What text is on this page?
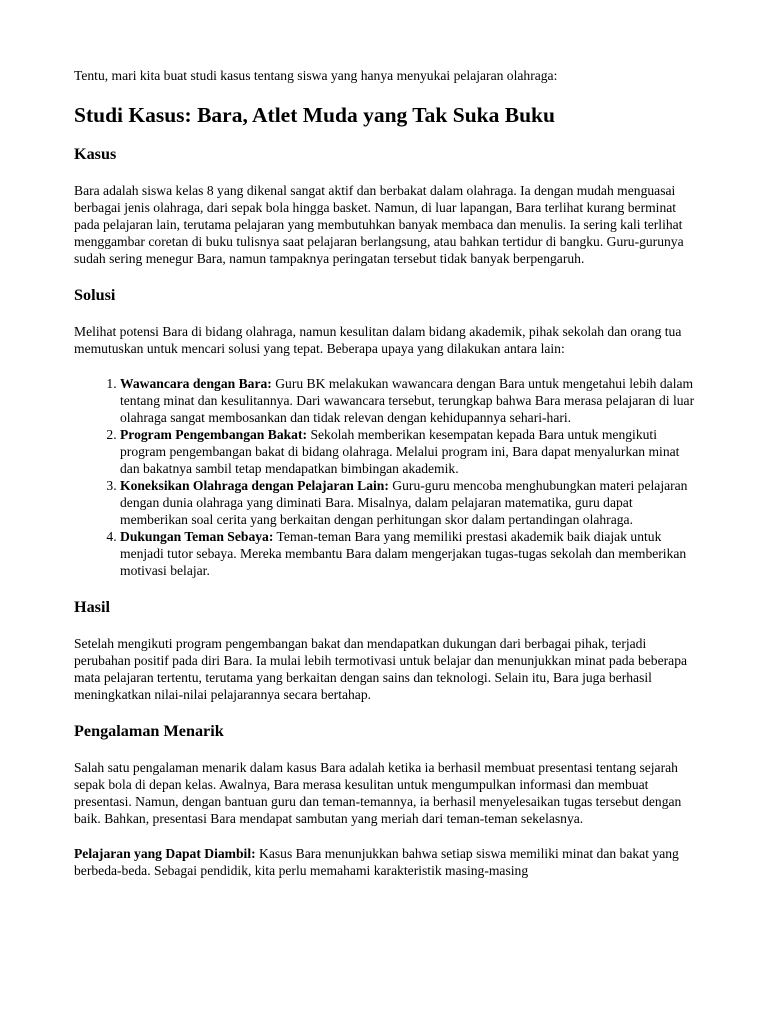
Tentu, mari kita buat studi kasus tentang siswa yang hanya menyukai pelajaran olahraga:

Studi Kasus: Bara, Atlet Muda yang Tak Suka Buku
Kasus

Bara adalah siswa kelas 8 yang dikenal sangat aktif dan berbakat dalam olahraga. Ia dengan mudah menguasai berbagai jenis olahraga, dari sepak bola hingga basket. Namun, di luar lapangan, Bara terlihat kurang berminat pada pelajaran lain, terutama pelajaran yang membutuhkan banyak membaca dan menulis. Ia sering kali terlihat menggambar coretan di buku tulisnya saat pelajaran berlangsung, atau bahkan tertidur di bangku. Guru-gurunya sudah sering menegur Bara, namun tampaknya peringatan tersebut tidak banyak berpengaruh.

Solusi

Melihat potensi Bara di bidang olahraga, namun kesulitan dalam bidang akademik, pihak sekolah dan orang tua memutuskan untuk mencari solusi yang tepat. Beberapa upaya yang dilakukan antara lain:

1. Wawancara dengan Bara: Guru BK melakukan wawancara dengan Bara untuk mengetahui lebih dalam tentang minat dan kesulitannya. Dari wawancara tersebut, terungkap bahwa Bara merasa pelajaran di luar olahraga sangat membosankan dan tidak relevan dengan kehidupannya sehari-hari.
2. Program Pengembangan Bakat: Sekolah memberikan kesempatan kepada Bara untuk mengikuti program pengembangan bakat di bidang olahraga. Melalui program ini, Bara dapat menyalurkan minat dan bakatnya sambil tetap mendapatkan bimbingan akademik.
3. Koneksikan Olahraga dengan Pelajaran Lain: Guru-guru mencoba menghubungkan materi pelajaran dengan dunia olahraga yang diminati Bara. Misalnya, dalam pelajaran matematika, guru dapat memberikan soal cerita yang berkaitan dengan perhitungan skor dalam pertandingan olahraga.
4. Dukungan Teman Sebaya: Teman-teman Bara yang memiliki prestasi akademik baik diajak untuk menjadi tutor sebaya. Mereka membantu Bara dalam mengerjakan tugas-tugas sekolah dan memberikan motivasi belajar.
Hasil

Setelah mengikuti program pengembangan bakat dan mendapatkan dukungan dari berbagai pihak, terjadi perubahan positif pada diri Bara. Ia mulai lebih termotivasi untuk belajar dan menunjukkan minat pada beberapa mata pelajaran tertentu, terutama yang berkaitan dengan sains dan teknologi. Selain itu, Bara juga berhasil meningkatkan nilai-nilai pelajarannya secara bertahap.

Pengalaman Menarik

Salah satu pengalaman menarik dalam kasus Bara adalah ketika ia berhasil membuat presentasi tentang sejarah sepak bola di depan kelas. Awalnya, Bara merasa kesulitan untuk mengumpulkan informasi dan membuat presentasi. Namun, dengan bantuan guru dan teman-temannya, ia berhasil menyelesaikan tugas tersebut dengan baik. Bahkan, presentasi Bara mendapat sambutan yang meriah dari teman-teman sekelasnya.

Pelajaran yang Dapat Diambil: Kasus Bara menunjukkan bahwa setiap siswa memiliki minat dan bakat yang berbeda-beda. Sebagai pendidik, kita perlu memahami karakteristik masing-masing
